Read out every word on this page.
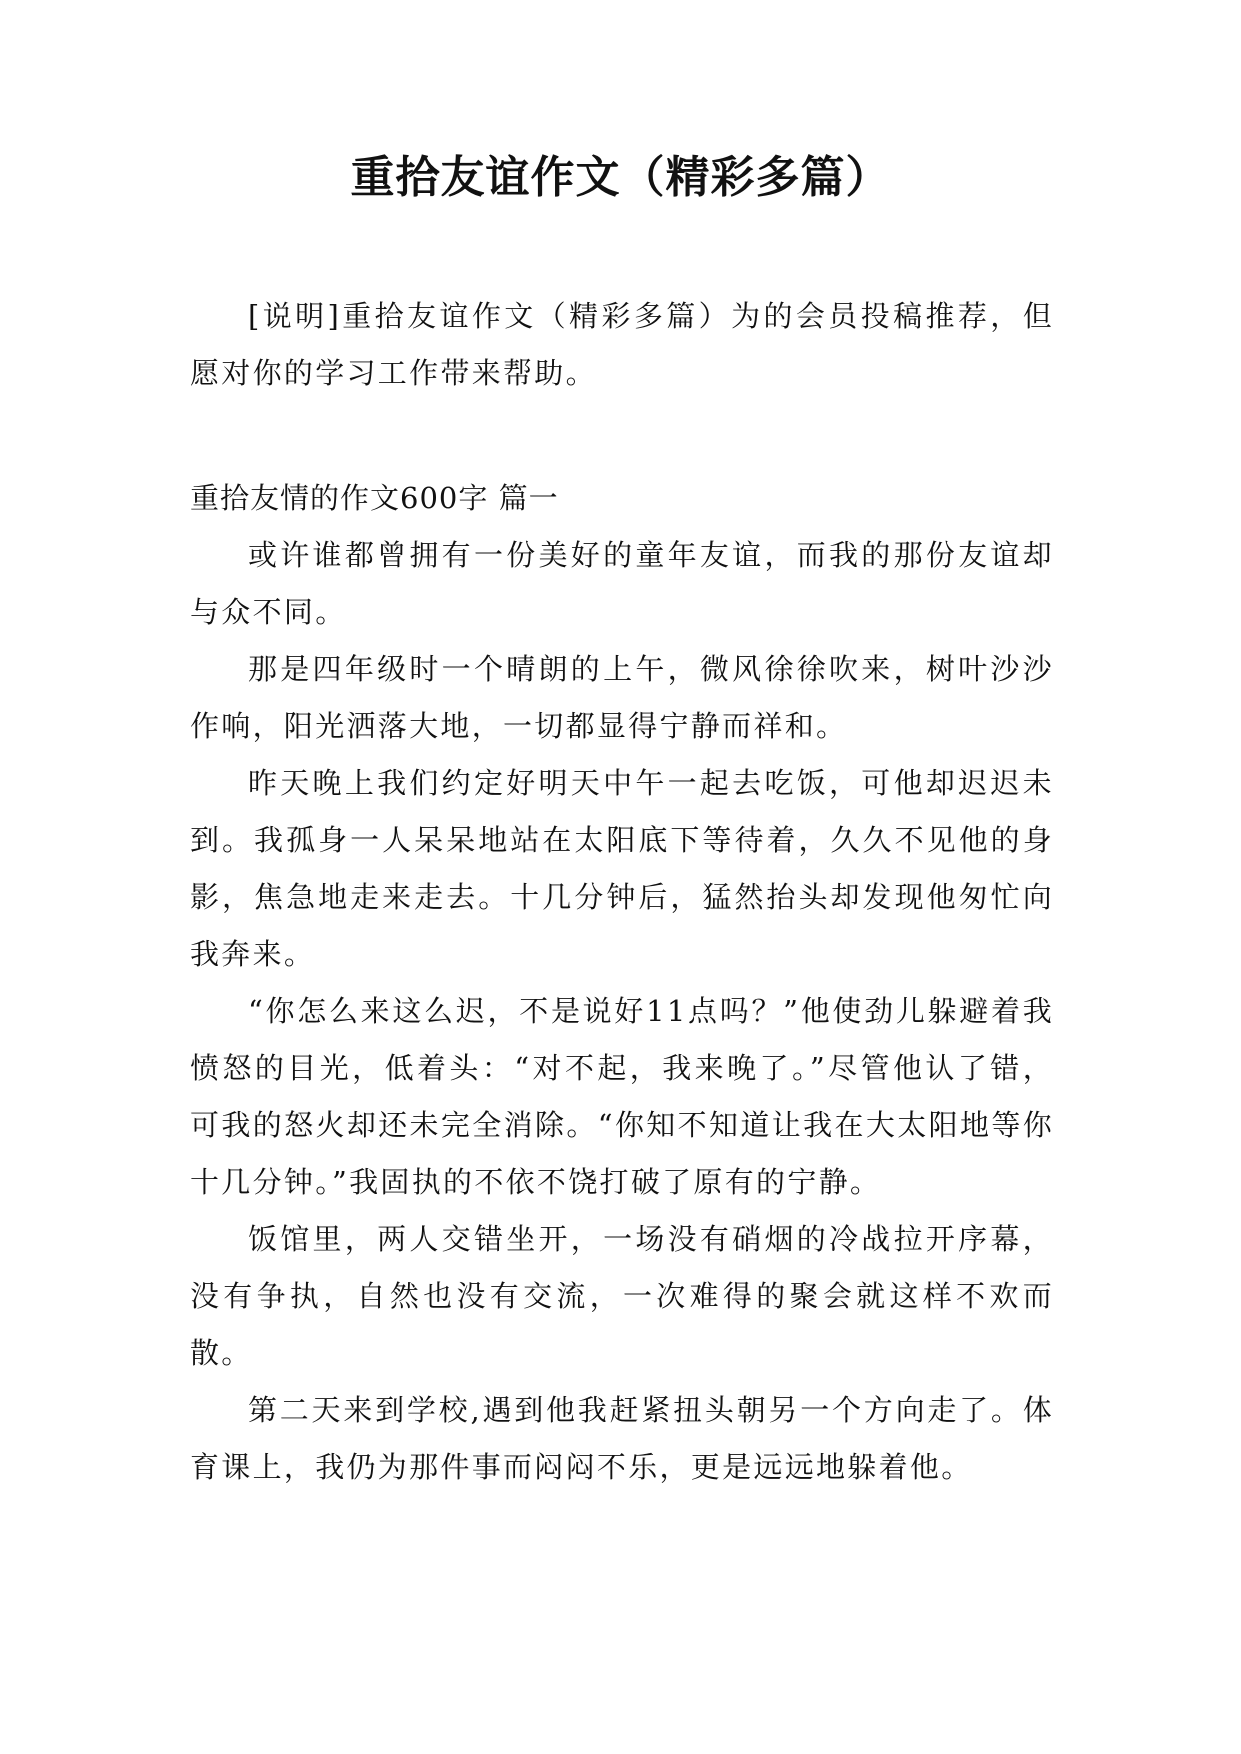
重拾友谊作文（精彩多篇）

[说明]重拾友谊作文（精彩多篇）为的会员投稿推荐，但愿对你的学习工作带来帮助。

重拾友情的作文600字 篇一

或许谁都曾拥有一份美好的童年友谊，而我的那份友谊却与众不同。

那是四年级时一个晴朗的上午，微风徐徐吹来，树叶沙沙作响，阳光洒落大地，一切都显得宁静而祥和。

昨天晚上我们约定好明天中午一起去吃饭，可他却迟迟未到。我孤身一人呆呆地站在太阳底下等待着，久久不见他的身影，焦急地走来走去。十几分钟后，猛然抬头却发现他匆忙向我奔来。

“你怎么来这么迟，不是说好11点吗？”他使劲儿躲避着我愤怒的目光，低着头：“对不起，我来晚了。”尽管他认了错，可我的怒火却还未完全消除。“你知不知道让我在大太阳地等你十几分钟。”我固执的不依不饶打破了原有的宁静。

饭馆里，两人交错坐开，一场没有硝烟的冷战拉开序幕，没有争执，自然也没有交流，一次难得的聚会就这样不欢而散。

第二天来到学校,遇到他我赶紧扭头朝另一个方向走了。体育课上，我仍为那件事而闷闷不乐，更是远远地躲着他。
